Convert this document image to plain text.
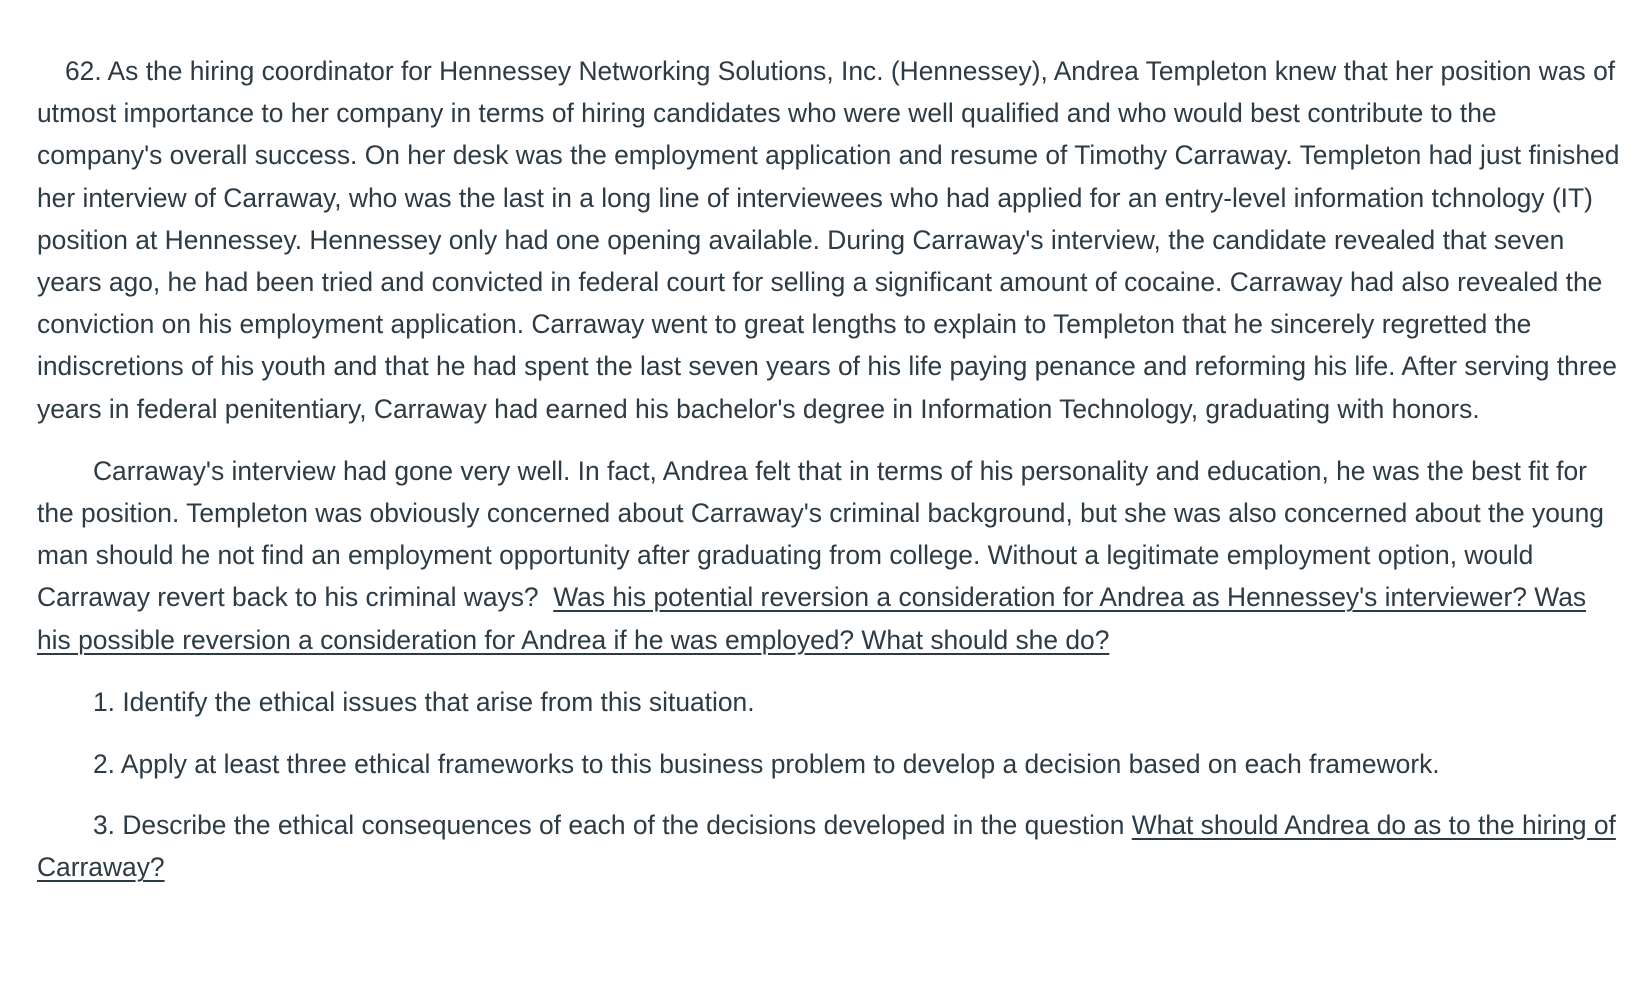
62. As the hiring coordinator for Hennessey Networking Solutions, Inc. (Hennessey), Andrea Templeton knew that her position was of utmost importance to her company in terms of hiring candidates who were well qualified and who would best contribute to the company's overall success. On her desk was the employment application and resume of Timothy Carraway. Templeton had just finished her interview of Carraway, who was the last in a long line of interviewees who had applied for an entry-level information tchnology (IT) position at Hennessey. Hennessey only had one opening available. During Carraway's interview, the candidate revealed that seven years ago, he had been tried and convicted in federal court for selling a significant amount of cocaine. Carraway had also revealed the conviction on his employment application. Carraway went to great lengths to explain to Templeton that he sincerely regretted the indiscretions of his youth and that he had spent the last seven years of his life paying penance and reforming his life. After serving three years in federal penitentiary, Carraway had earned his bachelor's degree in Information Technology, graduating with honors.

Carraway's interview had gone very well. In fact, Andrea felt that in terms of his personality and education, he was the best fit for the position. Templeton was obviously concerned about Carraway's criminal background, but she was also concerned about the young man should he not find an employment opportunity after graduating from college. Without a legitimate employment option, would Carraway revert back to his criminal ways?  Was his potential reversion a consideration for Andrea as Hennessey's interviewer? Was his possible reversion a consideration for Andrea if he was employed? What should she do?

1. Identify the ethical issues that arise from this situation.

2. Apply at least three ethical frameworks to this business problem to develop a decision based on each framework.

3. Describe the ethical consequences of each of the decisions developed in the question What should Andrea do as to the hiring of Carraway?
